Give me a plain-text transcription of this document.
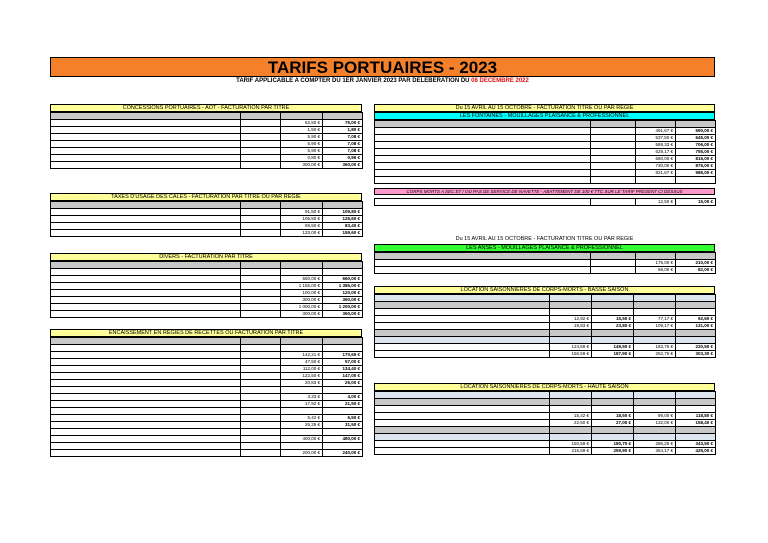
TARIFS PORTUAIRES - 2023
TARIF APPLICABLE A COMPTER DU 1ER JANVIER 2023 PAR DELEBERATION DU 08 DECEMBRE 2022
CONCESSIONS PORTUAIRES - AOT - FACTURATION PAR TITRE

		62,50 €	75,00 €
		1,50 €	1,80 €
		5,90 €	7,08 €
		5,90 €	7,08 €
		5,90 €	7,08 €
		0,80 €	0,96 €
		300,00 €	360,00 €
TAXES D'USAGE DES CALES - FACTURATION PAR TITRE OU PAR REGIE

		91,50 €	109,80 €
		105,50 €	126,60 €
		69,50 €	83,40 €
		133,00 €	159,60 €
DIVERS - FACTURATION PAR TITRE

		550,00 €	660,00 €
		1 155,00 €	1 386,00 €
		100,00 €	120,00 €
		300,00 €	360,00 €
		1 000,00 €	1 200,00 €
		300,00 €	360,00 €
ENCAISSEMENT EN REGIES DE RECETTES OU FACTURATION PAR TITRE

		142,21 €	170,65 €
		47,50 €	57,00 €
		112,00 €	134,40 €
		122,50 €	147,00 €
		20,83 €	25,00 €

		3,33 €	4,00 €
		17,92 €	21,50 €

		5,42 €	6,50 €
		26,25 €	31,50 €

		400,00 €	480,00 €

		200,00 €	240,00 €
Du 15 AVRIL AU 15 OCTOBRE - FACTURATION TITRE OU PAR REGIE
LES FONTAINES - MOUILLAGES PLAISANCE & PROFESSIONNEL

		491,67 €	590,00 €
		537,50 €	645,00 €
		588,33 €	706,00 €
		629,17 €	755,00 €
		680,00 €	816,00 €
		730,00 €	876,00 €
		821,67 €	986,00 €

CORPS MORTS A SEC ET / OU PAS DE SERVICE DE NAVETTE - ABATTEMENT DE 100 € TTC SUR LE TARIF PRESENT CI DESSUS
		12,50 €	15,00 €
Du 15 AVRIL AU 15 OCTOBRE - FACTURATION TITRE OU PAR REGIE
LES ANSES - MOUILLAGES PLAISANCE & PROFESSIONNEL

		175,00 €	210,00 €
		68,00 €	82,00 €
LOCATION SAISONNIERES DE CORPS-MORTS - BASSE SAISON

	12,92 €	15,50 €	77,17 €	92,60 €
	19,83 €	23,80 €	109,17 €	131,00 €

	124,59 €	149,50 €	183,75 €	220,50 €
	156,59 €	187,90 €	252,75 €	303,30 €
LOCATION SAISONNIERES DE CORPS-MORTS - HAUTE SAISON

	15,42 €	18,50 €	99,00 €	118,80 €
	22,50 €	27,00 €	132,00 €	158,40 €

	150,59 €	180,70 €	286,25 €	343,50 €
	216,59 €	259,90 €	354,17 €	425,00 €
